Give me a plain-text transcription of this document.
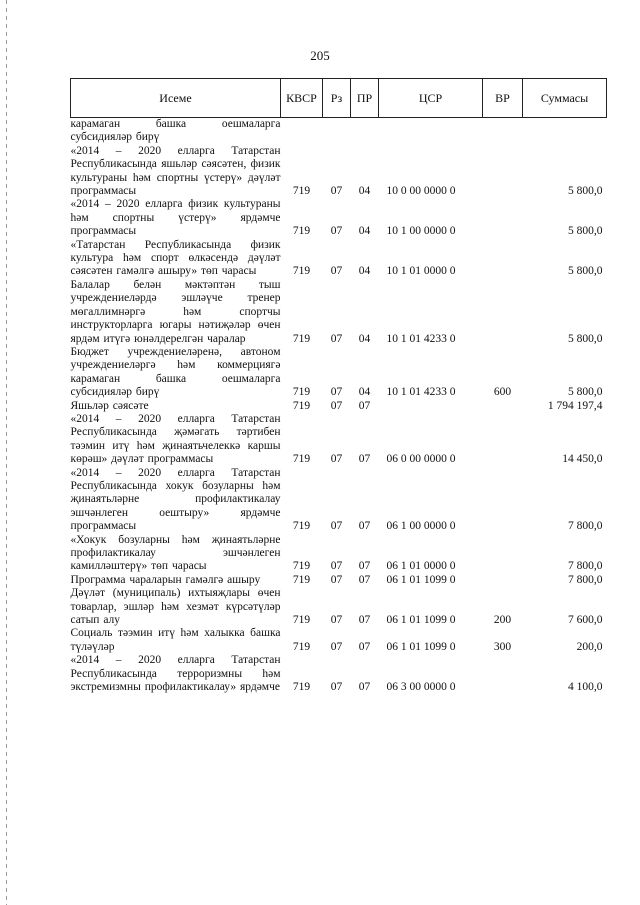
205
Исеме	КВСР	Рз	ПР	ЦСР	ВР	Суммасы
карамаган башка оешмаларга субсидияләр бирү						
«2014 – 2020 елларга Татарстан Республикасында яшьләр сәясәтен, физик культураны һәм спортны үстерү» дәүләт программасы	719	07	04	10 0 00 0000 0		5 800,0
«2014 – 2020 елларга физик культураны һәм спортны үстерү» ярдәмче программасы	719	07	04	10 1 00 0000 0		5 800,0
«Татарстан Республикасында физик культура һәм спорт өлкәсендә дәүләт сәясәтен гамәлгә ашыру» төп чарасы	719	07	04	10 1 01 0000 0		5 800,0
Балалар белән мәктәптән тыш учреждениеләрдә эшләүче тренер мөгаллимнәргә һәм спортчы инструкторларга югары нәтиҗәләр өчен ярдәм итүгә юнәлдерелгән чаралар	719	07	04	10 1 01 4233 0		5 800,0
Бюджет учреждениеләренә, автоном учреждениеләргә һәм коммерциягә карамаган башка оешмаларга субсидияләр бирү	719	07	04	10 1 01 4233 0	600	5 800,0
Яшьләр сәясәте	719	07	07			1 794 197,4
«2014 – 2020 елларга Татарстан Республикасында җәмәгать тәртибен тәэмин итү һәм җинаятьчелеккә каршы көрәш» дәүләт программасы	719	07	07	06 0 00 0000 0		14 450,0
«2014 – 2020 елларга Татарстан Республикасында хокук бозуларны һәм җинаятьләрне профилактикалау эшчәнлеген оештыру» ярдәмче программасы	719	07	07	06 1 00 0000 0		7 800,0
«Хокук бозуларны һәм җинаятьләрне профилактикалау эшчәнлеген камилләштерү» төп чарасы	719	07	07	06 1 01 0000 0		7 800,0
Программа чараларын гамәлгә ашыру	719	07	07	06 1 01 1099 0		7 800,0
Дәүләт (муниципаль) ихтыяҗлары өчен товарлар, эшләр һәм хезмәт күрсәтүләр сатып алу	719	07	07	06 1 01 1099 0	200	7 600,0
Социаль тәэмин итү һәм халыкка башка түләүләр	719	07	07	06 1 01 1099 0	300	200,0
«2014 – 2020 елларга Татарстан Республикасында терроризмны һәм экстремизмны профилактикалау» ярдәмче	719	07	07	06 3 00 0000 0		4 100,0
